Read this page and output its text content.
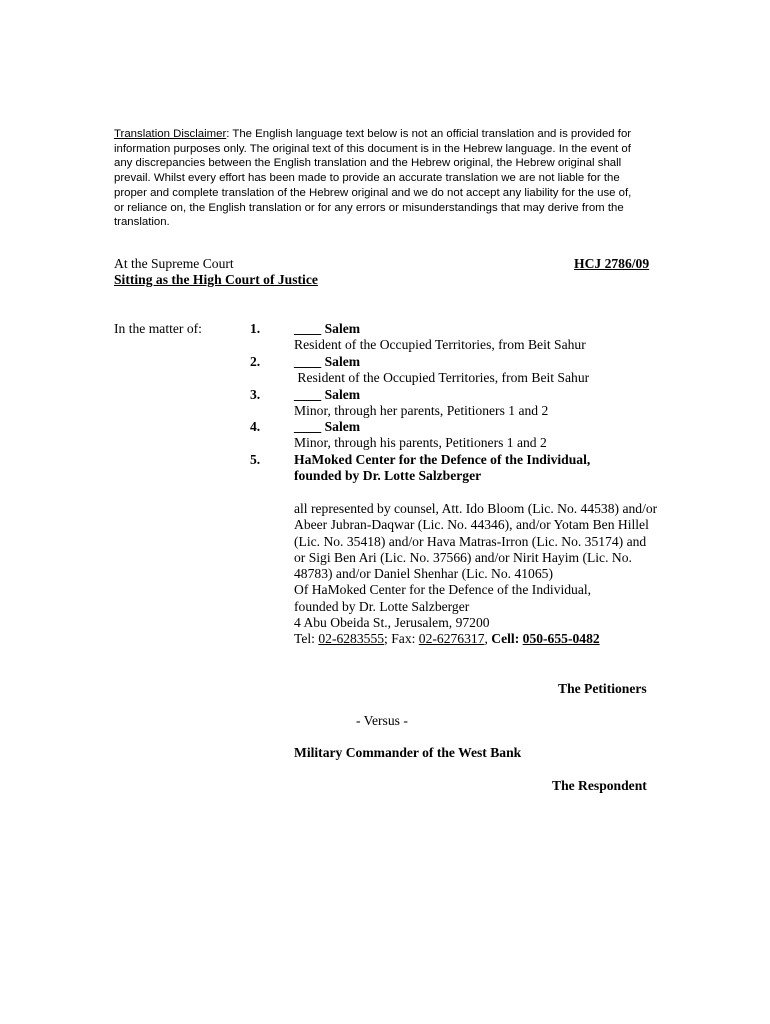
Translation Disclaimer: The English language text below is not an official translation and is provided for information purposes only. The original text of this document is in the Hebrew language. In the event of any discrepancies between the English translation and the Hebrew original, the Hebrew original shall prevail. Whilst every effort has been made to provide an accurate translation we are not liable for the proper and complete translation of the Hebrew original and we do not accept any liability for the use of, or reliance on, the English translation or for any errors or misunderstandings that may derive from the translation.
At the Supreme Court	HCJ 2786/09
Sitting as the High Court of Justice
In the matter of:	1. ____ Salem
Resident of the Occupied Territories, from Beit Sahur
2. ____ Salem
Resident of the Occupied Territories, from Beit Sahur
3. ____ Salem
Minor, through her parents, Petitioners 1 and 2
4. ____ Salem
Minor, through his parents, Petitioners 1 and 2
5. HaMoked Center for the Defence of the Individual,
founded by Dr. Lotte Salzberger
all represented by counsel, Att. Ido Bloom (Lic. No. 44538) and/or Abeer Jubran-Daqwar (Lic. No. 44346), and/or Yotam Ben Hillel (Lic. No. 35418) and/or Hava Matras-Irron (Lic. No. 35174) and or Sigi Ben Ari (Lic. No. 37566) and/or Nirit Hayim (Lic. No. 48783) and/or Daniel Shenhar (Lic. No. 41065)
Of HaMoked Center for the Defence of the Individual,
founded by Dr. Lotte Salzberger
4 Abu Obeida St., Jerusalem, 97200
Tel: 02-6283555; Fax: 02-6276317, Cell: 050-655-0482
The Petitioners
- Versus -
Military Commander of the West Bank
The Respondent
